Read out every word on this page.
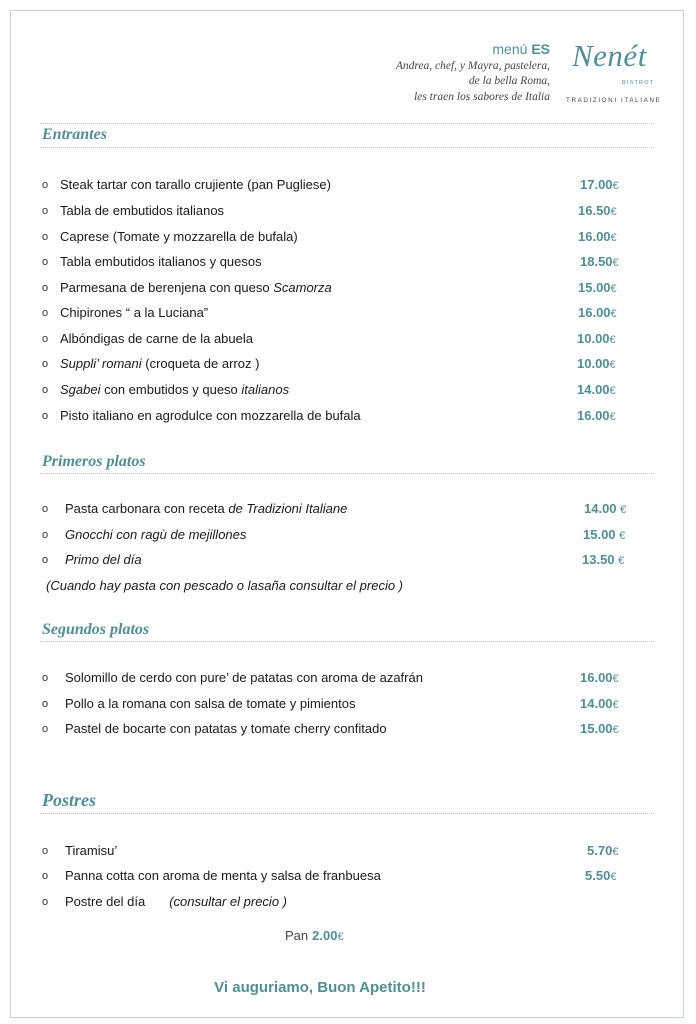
menú ES
Andrea, chef, y Mayra, pastelera,
de la bella Roma,
les traen los sabores de Italia
Nenét
BISTROT
TRADIZIONI ITALIANE
Entrantes
o Steak tartar con tarallo crujiente (pan Pugliese)	17.00€
o Tabla de embutidos italianos	16.50€
o Caprese (Tomate y mozzarella de bufala)	16.00€
o Tabla embutidos italianos y quesos	18.50€
o Parmesana de berenjena con queso Scamorza	15.00€
o Chipirones “ a la Luciana”	16.00€
o Albóndigas de carne de la abuela	10.00€
o Suppli’ romani (croqueta de arroz )	10.00€
o Sgabei con embutidos y queso italianos	14.00€
o Pisto italiano en agrodulce con mozzarella de bufala	16.00€
Primeros platos
o Pasta carbonara con receta de Tradizioni Italiane	14.00 €
o Gnocchi con ragù de mejillones	15.00 €
o Primo del día	13.50 €
(Cuando hay pasta con pescado o lasaña consultar el precio )
Segundos platos
o Solomillo de cerdo con pure’ de patatas con aroma de azafrán	16.00€
o Pollo a la romana con salsa de tomate y pimientos	14.00€
o Pastel de bocarte con patatas y tomate cherry confitado	15.00€
Postres
o Tiramisu’	5.70€
o Panna cotta con aroma de menta y salsa de franbuesa	5.50€
o Postre del día (consultar el precio )
Pan 2.00€
Vi auguriamo, Buon Apetito!!!
